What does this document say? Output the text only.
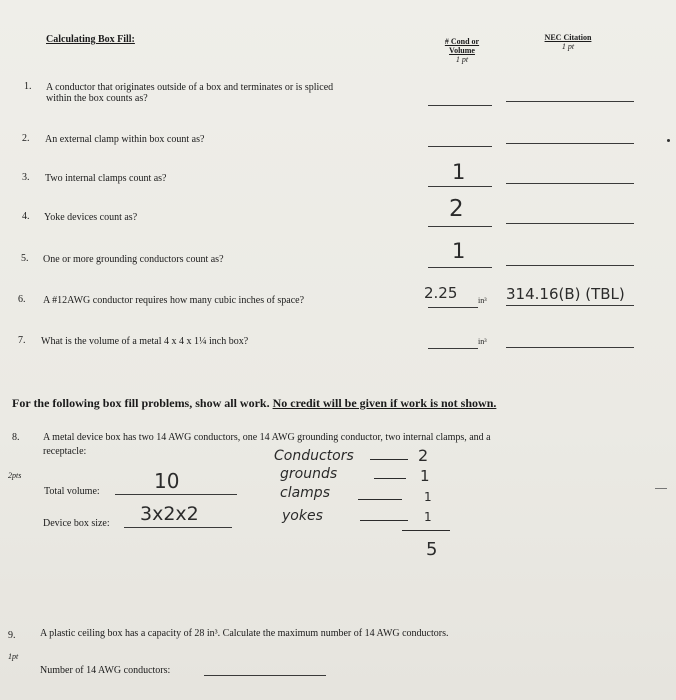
Calculating Box Fill:	# Cond or
Volume
1 pt
NEC Citation
1 pt
1. A conductor that originates outside of a box and terminates or is spliced
within the box counts as?
2. An external clamp within box count as?
3. Two internal clamps count as?	1
4. Yoke devices count as?	2
5. One or more grounding conductors count as?	1
6. A #12AWG conductor requires how many cubic inches of space?	2.25	in³ 314.16(B) (TBL)
7. What is the volume of a metal 4 x 4 x 1¼ inch box?	in³
For the following box fill problems, show all work. No credit will be given if work is not shown.
8. A metal device box has two 14 AWG conductors, one 14 AWG grounding conductor, two internal clamps, and a
receptacle:
2pts
Total volume:	10
Device box size: 3x2x2
Conductors	2
grounds	1
clamps	1
yokes	1
5
9.
1pt
A plastic ceiling box has a capacity of 28 in³. Calculate the maximum number of 14 AWG conductors.
Number of 14 AWG conductors:
